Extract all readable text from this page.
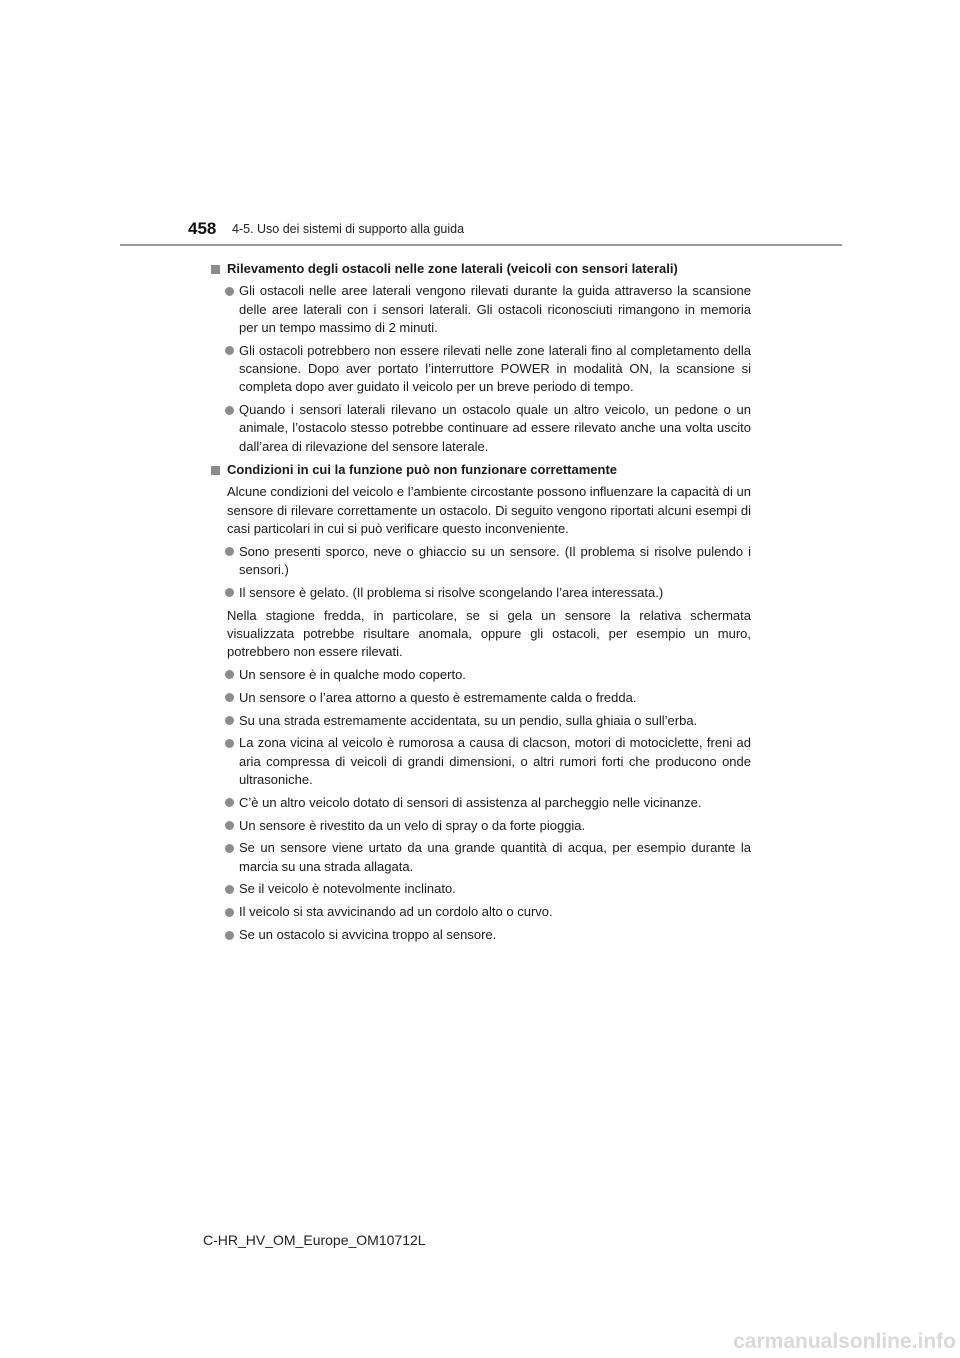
458 4-5. Uso dei sistemi di supporto alla guida
Rilevamento degli ostacoli nelle zone laterali (veicoli con sensori laterali)
Gli ostacoli nelle aree laterali vengono rilevati durante la guida attraverso la scansione delle aree laterali con i sensori laterali. Gli ostacoli riconosciuti rimangono in memoria per un tempo massimo di 2 minuti.
Gli ostacoli potrebbero non essere rilevati nelle zone laterali fino al completamento della scansione. Dopo aver portato l’interruttore POWER in modalità ON, la scansione si completa dopo aver guidato il veicolo per un breve periodo di tempo.
Quando i sensori laterali rilevano un ostacolo quale un altro veicolo, un pedone o un animale, l’ostacolo stesso potrebbe continuare ad essere rilevato anche una volta uscito dall’area di rilevazione del sensore laterale.
Condizioni in cui la funzione può non funzionare correttamente
Alcune condizioni del veicolo e l’ambiente circostante possono influenzare la capacità di un sensore di rilevare correttamente un ostacolo. Di seguito vengono riportati alcuni esempi di casi particolari in cui si può verificare questo inconveniente.
Sono presenti sporco, neve o ghiaccio su un sensore. (Il problema si risolve pulendo i sensori.)
Il sensore è gelato. (Il problema si risolve scongelando l’area interessata.)
Nella stagione fredda, in particolare, se si gela un sensore la relativa schermata visualizzata potrebbe risultare anomala, oppure gli ostacoli, per esempio un muro, potrebbero non essere rilevati.
Un sensore è in qualche modo coperto.
Un sensore o l’area attorno a questo è estremamente calda o fredda.
Su una strada estremamente accidentata, su un pendio, sulla ghiaia o sull’erba.
La zona vicina al veicolo è rumorosa a causa di clacson, motori di motociclette, freni ad aria compressa di veicoli di grandi dimensioni, o altri rumori forti che producono onde ultrasoniche.
C’è un altro veicolo dotato di sensori di assistenza al parcheggio nelle vicinanze.
Un sensore è rivestito da un velo di spray o da forte pioggia.
Se un sensore viene urtato da una grande quantità di acqua, per esempio durante la marcia su una strada allagata.
Se il veicolo è notevolmente inclinato.
Il veicolo si sta avvicinando ad un cordolo alto o curvo.
Se un ostacolo si avvicina troppo al sensore.
C-HR_HV_OM_Europe_OM10712L
carmanualsonline.info
